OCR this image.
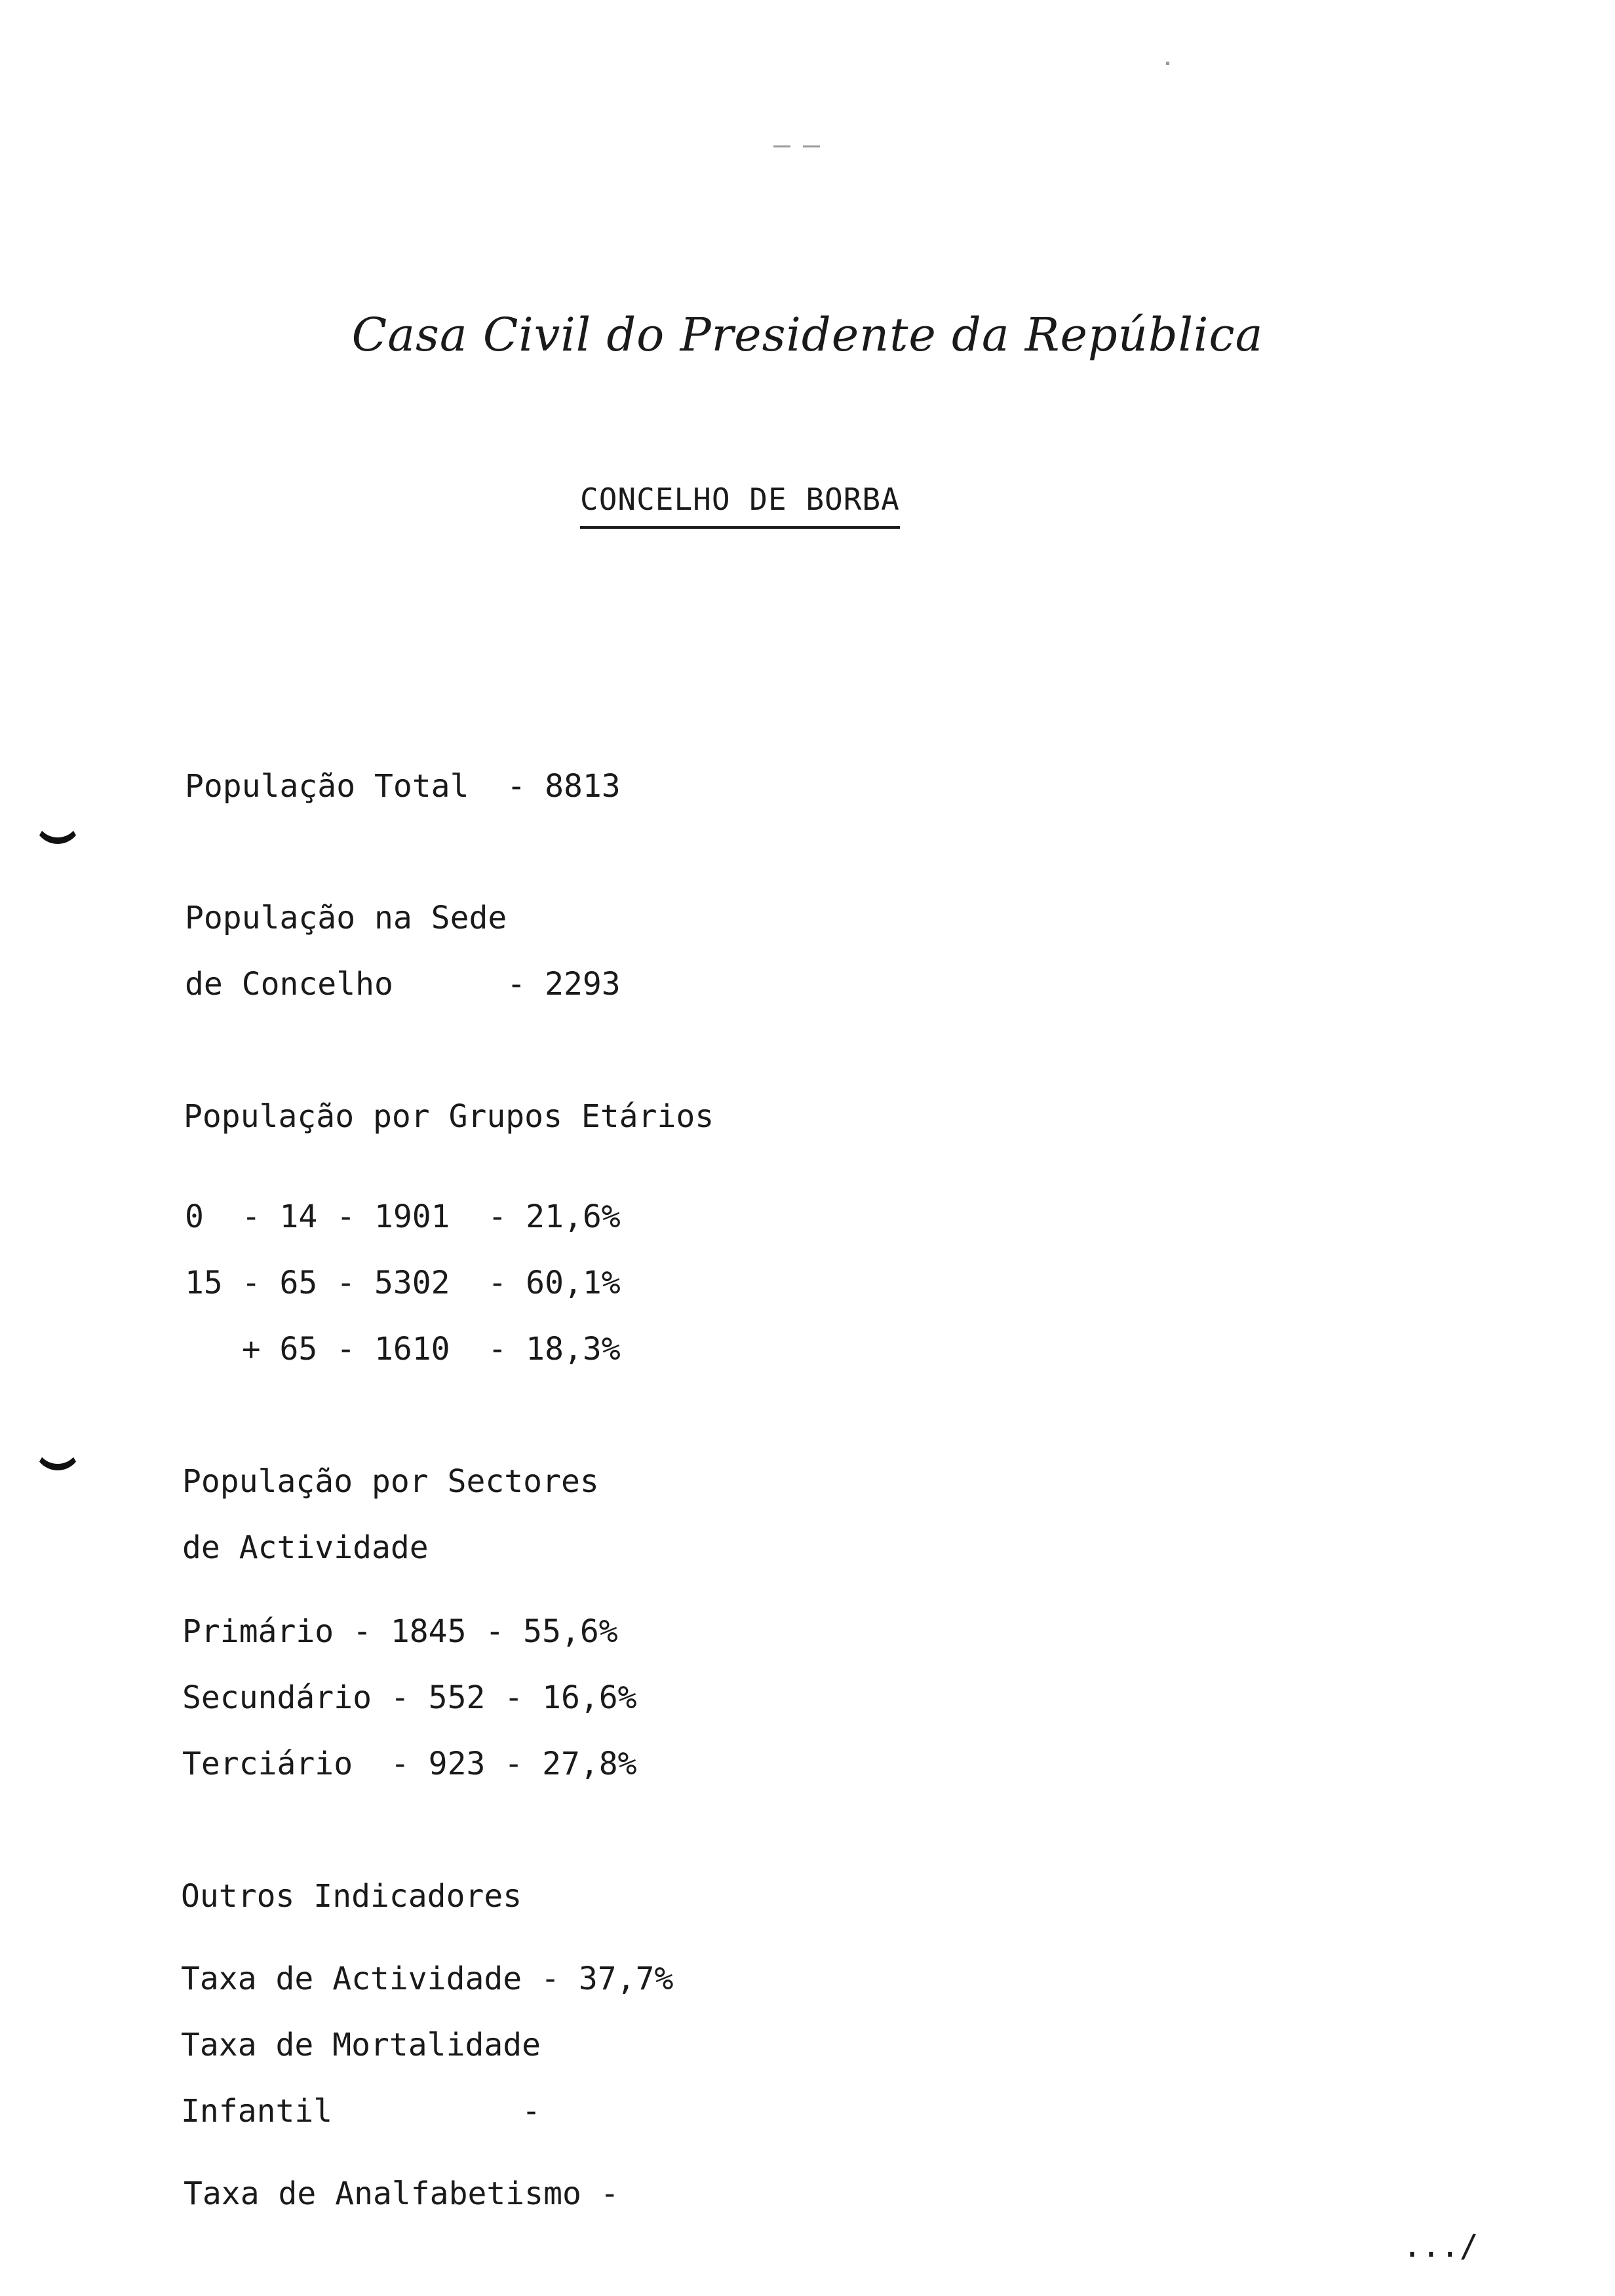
Casa Civil do Presidente da República
CONCELHO DE BORBA
População Total  - 8813
População na Sede
de Concelho      - 2293
População por Grupos Etários
0  - 14 - 1901  - 21,6%
15 - 65 - 5302  - 60,1%
+ 65 - 1610  - 18,3%
População por Sectores
de Actividade
Primário - 1845 - 55,6%
Secundário - 552 - 16,6%
Terciário  - 923 - 27,8%
Outros Indicadores
Taxa de Actividade - 37,7%
Taxa de Mortalidade
Infantil          -
Taxa de Analfabetismo -
.../
